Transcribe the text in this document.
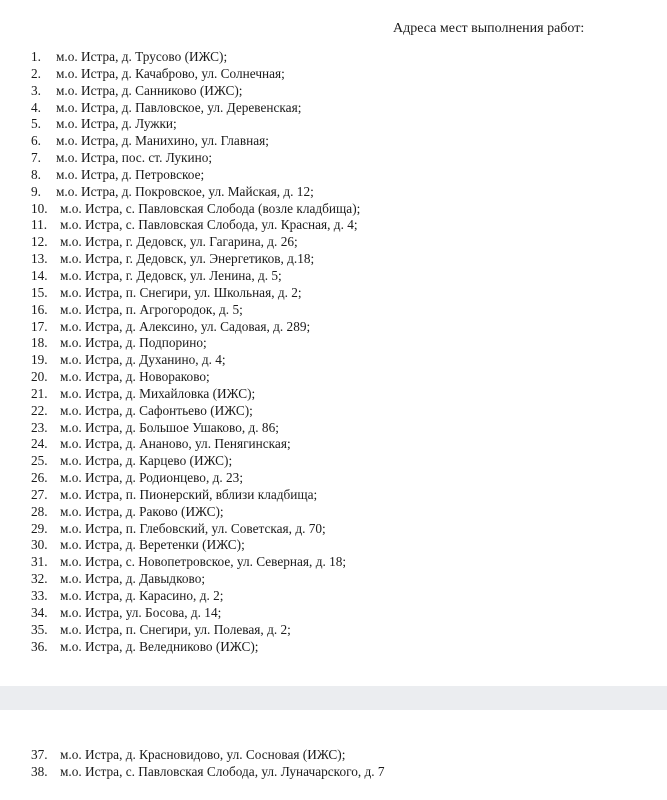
Адреса мест выполнения работ:
1. м.о. Истра, д. Трусово (ИЖС);
2. м.о. Истра, д. Качаброво, ул. Солнечная;
3. м.о. Истра, д. Санниково (ИЖС);
4. м.о. Истра, д. Павловское, ул. Деревенская;
5. м.о. Истра, д. Лужки;
6. м.о. Истра, д. Манихино, ул. Главная;
7. м.о. Истра, пос. ст. Лукино;
8. м.о. Истра, д. Петровское;
9. м.о. Истра, д. Покровское, ул. Майская, д. 12;
10. м.о. Истра, с. Павловская Слобода (возле кладбища);
11. м.о. Истра, с. Павловская Слобода, ул. Красная, д. 4;
12. м.о. Истра, г. Дедовск, ул. Гагарина, д. 26;
13. м.о. Истра, г. Дедовск, ул. Энергетиков, д.18;
14. м.о. Истра, г. Дедовск, ул. Ленина, д. 5;
15. м.о. Истра, п. Снегири, ул. Школьная, д. 2;
16. м.о. Истра, п. Агрогородок, д. 5;
17. м.о. Истра, д. Алексино, ул. Садовая, д. 289;
18. м.о. Истра, д. Подпорино;
19. м.о. Истра, д. Духанино, д. 4;
20. м.о. Истра, д. Новораково;
21. м.о. Истра, д. Михайловка (ИЖС);
22. м.о. Истра, д. Сафонтьево (ИЖС);
23. м.о. Истра, д. Большое Ушаково, д. 86;
24. м.о. Истра, д. Ананово, ул. Пенягинская;
25. м.о. Истра, д. Карцево (ИЖС);
26. м.о. Истра, д. Родионцево, д. 23;
27. м.о. Истра, п. Пионерский, вблизи кладбища;
28. м.о. Истра, д. Раково (ИЖС);
29. м.о. Истра, п. Глебовский, ул. Советская, д. 70;
30. м.о. Истра, д. Веретенки (ИЖС);
31. м.о. Истра, с. Новопетровское, ул. Северная, д. 18;
32. м.о. Истра, д. Давыдково;
33. м.о. Истра, д. Карасино, д. 2;
34. м.о. Истра, ул. Босова, д. 14;
35. м.о. Истра, п. Снегири, ул. Полевая, д. 2;
36. м.о. Истра, д. Веледниково (ИЖС);
37. м.о. Истра, д. Красновидово, ул. Сосновая (ИЖС);
38. м.о. Истра, с. Павловская Слобода, ул. Луначарского, д. 7
